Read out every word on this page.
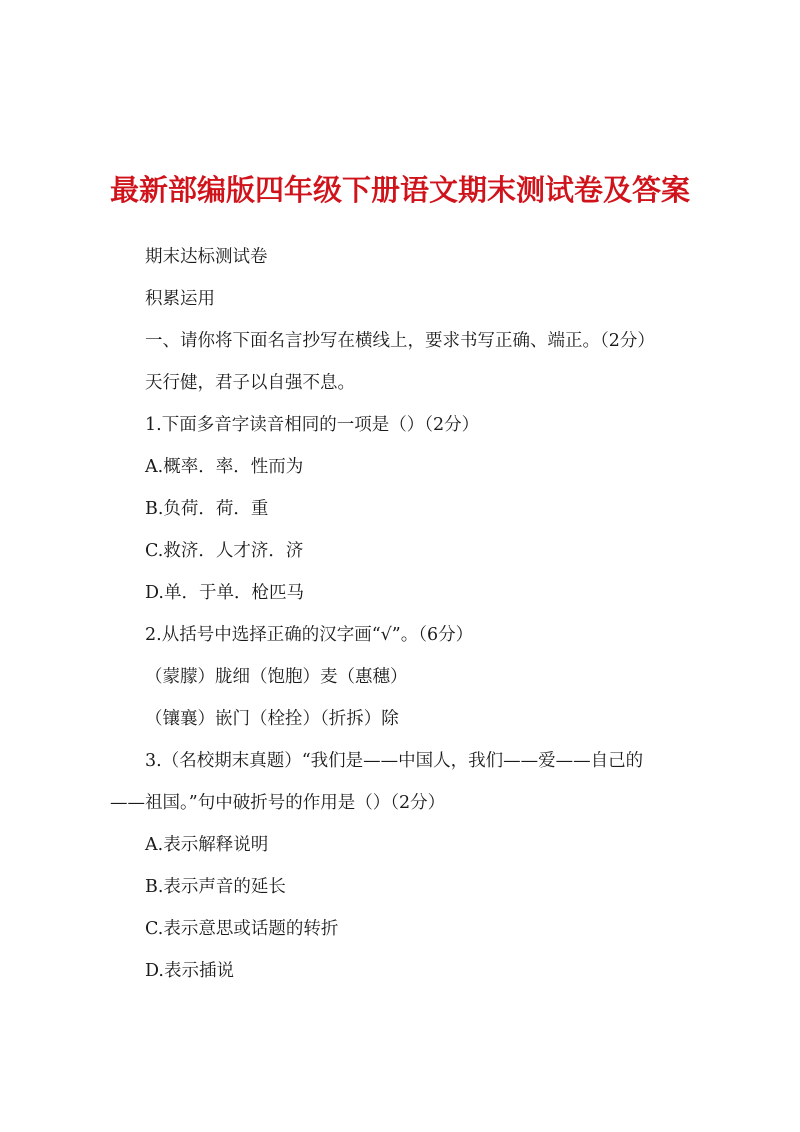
最新部编版四年级下册语文期末测试卷及答案
期末达标测试卷
积累运用
一、请你将下面名言抄写在横线上，要求书写正确、端正。（2分）
天行健，君子以自强不息。
1.下面多音字读音相同的一项是（）（2分）
A.概率．率．性而为
B.负荷．荷．重
C.救济．人才济．济
D.单．于单．枪匹马
2.从括号中选择正确的汉字画“√”。（6分）
（蒙朦）胧细（饱胞）麦（惠穗）
（镶襄）嵌门（栓拴）（折拆）除
3.（名校期末真题）“我们是——中国人，我们——爱——自己的
——祖国。”句中破折号的作用是（）（2分）
A.表示解释说明
B.表示声音的延长
C.表示意思或话题的转折
D.表示插说
